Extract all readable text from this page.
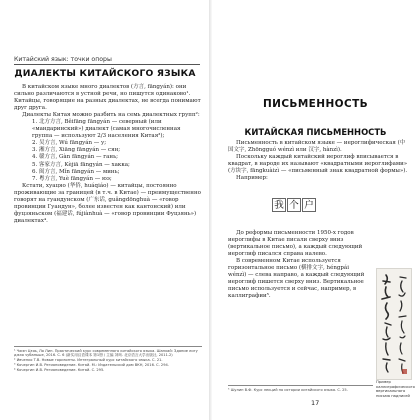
Китайский язык: точки опоры
ДИАЛЕКТЫ КИТАЙСКОГО ЯЗЫКА

В китайском языке много диалектов (方言, fāngyán): они сильно различаются в устной речи, но пишутся одинаково¹. Китайцы, говорящие на разных диалектах, не всегда понимают друг друга.

Диалекты Китая можно разбить на семь диалектных групп²:

1. 北方方言, Běifāng fāngyán — северный (или «мандаринский») диалект (самая многочисленная группа — используют 2/3 населения Китая³);
2. 吴方言, Wú fāngyán — у;
3. 湘方言, Xiāng fāngyán — сян;
4. 赣方言, Gàn fāngyán — гань;
5. 客家方言, Kèjiā fāngyán — хакка;
6. 闽方言, Mǐn fāngyán — минь;
7. 粤方言, Yuè fāngyán — юэ;

Кстати, хуацяо (华侨, huáqiáo) — китайцы, постоянно проживающие за границей (в т.ч. в Китае) — преимущественно говорят на гуандунском (广东话, guǎngdōnghuà — «говор провинции Гуандун», более известен как кантонский) или фуцзяньском (福建话, fújiànhuà — «говор провинции Фуцзянь») диалектах⁴.

¹ Чжэн Цзяь, Ло Лин. Практический курс современного китайского языка. Шанхай: Здание лигу джэо чубаньше, 2016. С. 6 (新实用汉语课本 第1册 / 主编 刘珣. 北京语言大学出版社, 2011.2)

² Ивченко Т.В. Новые горизонты. Интегральный курс китайского языка. С. 21.

³ Кочергин И.В. Регионоведение. Китай. М.: Издательский дом ВКН, 2016. С. 294.

⁴ Кочергин И.В. Регионоведение. Китай. С. 295.

ПИСЬМЕННОСТЬ
КИТАЙСКАЯ ПИСЬМЕННОСТЬ

Письменность в китайском языке — иероглифическая (中国文字, Zhōngguó wénzì или 汉字, hànzì).

Поскольку каждый китайский иероглиф вписывается в квадрат, в народе их называют «квадратными иероглифами» (方块字, fāngkuàizì — «письменный знак квадратной формы»).

Например:

我 个 户

До реформы письменности 1950-х годов иероглифы в Китае писали сверху вниз (вертикальное письмо), а каждый следующий иероглиф писался справа налево.

В современном Китае используется горизонтальное письмо (横排文字, héngpái wénzì) — слева направо, а каждый следующий иероглиф пишется сверху вниз. Вертикальное письмо используется и сейчас, например, в каллиграфии⁵.

Пример каллиграфического вертикального письма надписей
⁵ Шулин В.Ф. Курс лекций по истории китайского языка. С. 25.
17
